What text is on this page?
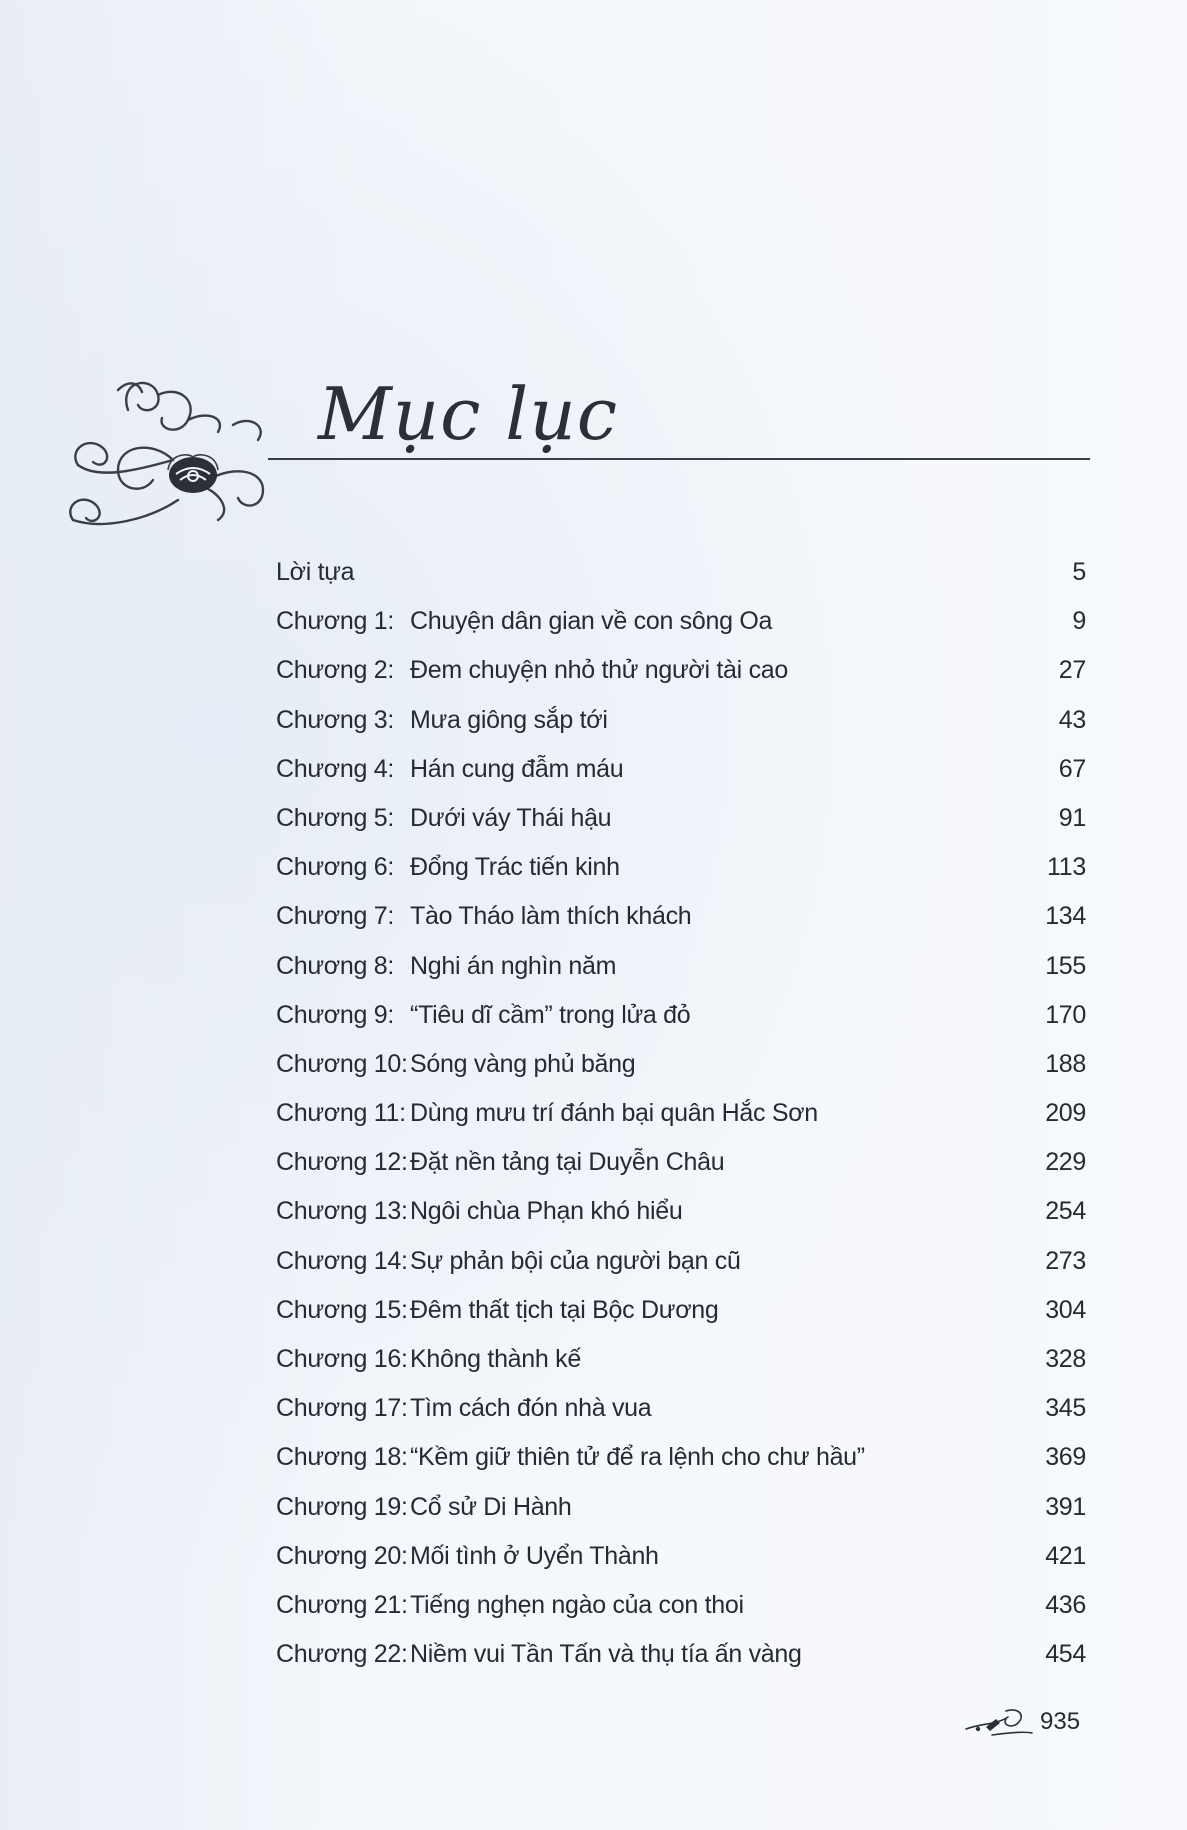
Mục lục
Lời tựa	5
Chương 1: Chuyện dân gian về con sông Oa	9
Chương 2: Đem chuyện nhỏ thử người tài cao	27
Chương 3: Mưa giông sắp tới	43
Chương 4: Hán cung đẫm máu	67
Chương 5: Dưới váy Thái hậu	91
Chương 6: Đổng Trác tiến kinh	113
Chương 7: Tào Tháo làm thích khách	134
Chương 8: Nghi án nghìn năm	155
Chương 9: “Tiêu dĩ cầm” trong lửa đỏ	170
Chương 10: Sóng vàng phủ băng	188
Chương 11: Dùng mưu trí đánh bại quân Hắc Sơn	209
Chương 12: Đặt nền tảng tại Duyễn Châu	229
Chương 13: Ngôi chùa Phạn khó hiểu	254
Chương 14: Sự phản bội của người bạn cũ	273
Chương 15: Đêm thất tịch tại Bộc Dương	304
Chương 16: Không thành kế	328
Chương 17: Tìm cách đón nhà vua	345
Chương 18: “Kềm giữ thiên tử để ra lệnh cho chư hầu”	369
Chương 19: Cổ sử Di Hành	391
Chương 20: Mối tình ở Uyển Thành	421
Chương 21: Tiếng nghẹn ngào của con thoi	436
Chương 22: Niềm vui Tần Tấn và thụ tía ấn vàng	454
935
